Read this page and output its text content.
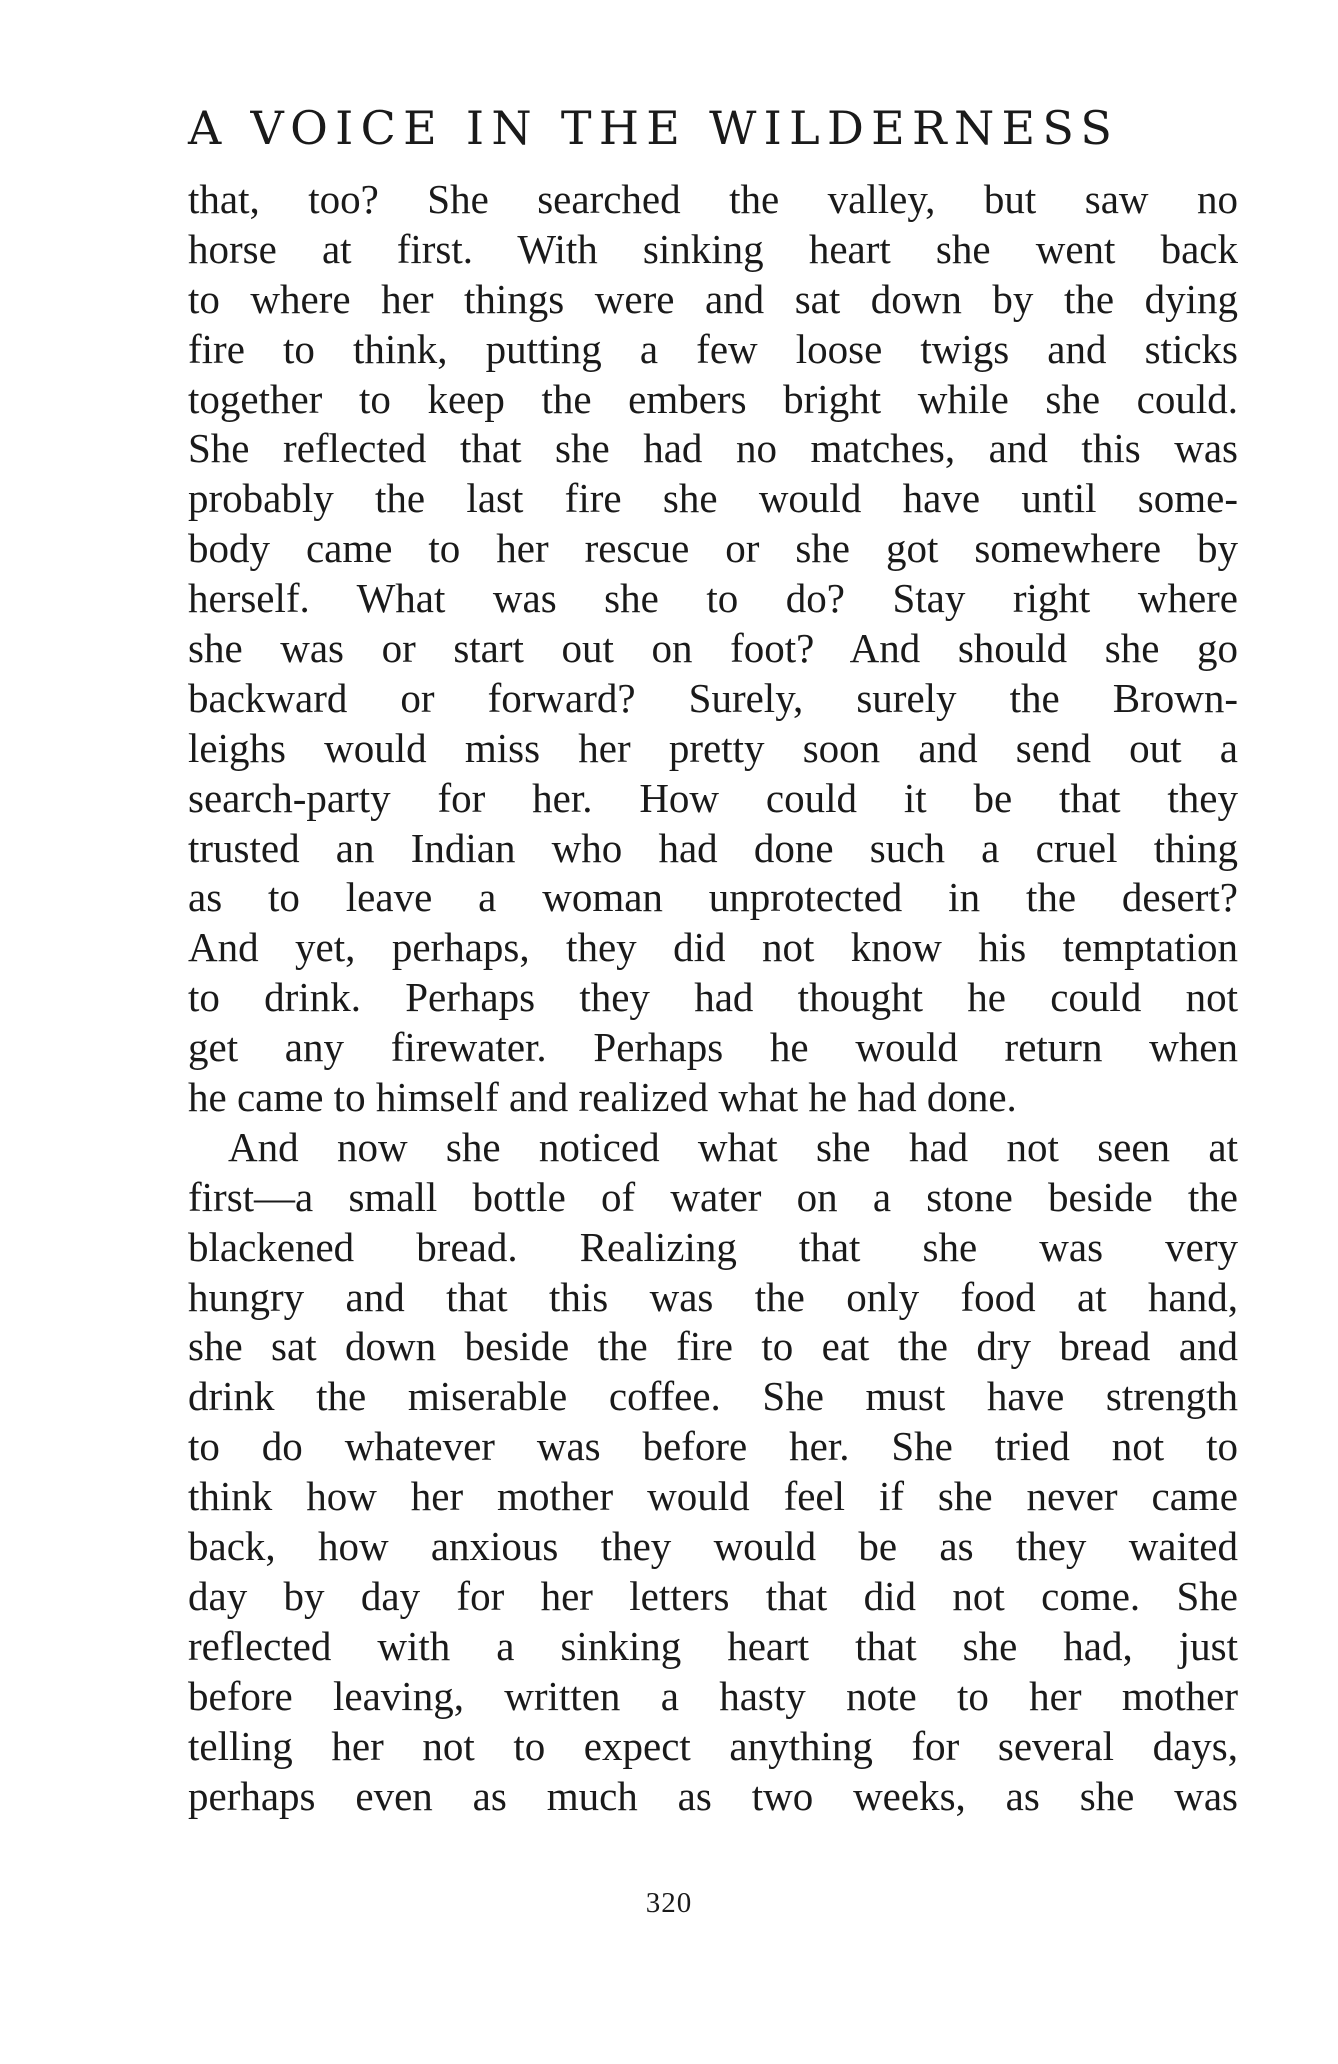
A VOICE IN THE WILDERNESS
that, too? She searched the valley, but saw no
horse at first. With sinking heart she went back
to where her things were and sat down by the dying
fire to think, putting a few loose twigs and sticks
together to keep the embers bright while she could.
She reflected that she had no matches, and this was
probably the last fire she would have until some-
body came to her rescue or she got somewhere by
herself. What was she to do? Stay right where
she was or start out on foot? And should she go
backward or forward? Surely, surely the Brown-
leighs would miss her pretty soon and send out a
search-party for her. How could it be that they
trusted an Indian who had done such a cruel thing
as to leave a woman unprotected in the desert?
And yet, perhaps, they did not know his temptation
to drink. Perhaps they had thought he could not
get any firewater. Perhaps he would return when
he came to himself and realized what he had done.
And now she noticed what she had not seen at
first—a small bottle of water on a stone beside the
blackened bread. Realizing that she was very
hungry and that this was the only food at hand,
she sat down beside the fire to eat the dry bread and
drink the miserable coffee. She must have strength
to do whatever was before her. She tried not to
think how her mother would feel if she never came
back, how anxious they would be as they waited
day by day for her letters that did not come. She
reflected with a sinking heart that she had, just
before leaving, written a hasty note to her mother
telling her not to expect anything for several days,
perhaps even as much as two weeks, as she was
320
